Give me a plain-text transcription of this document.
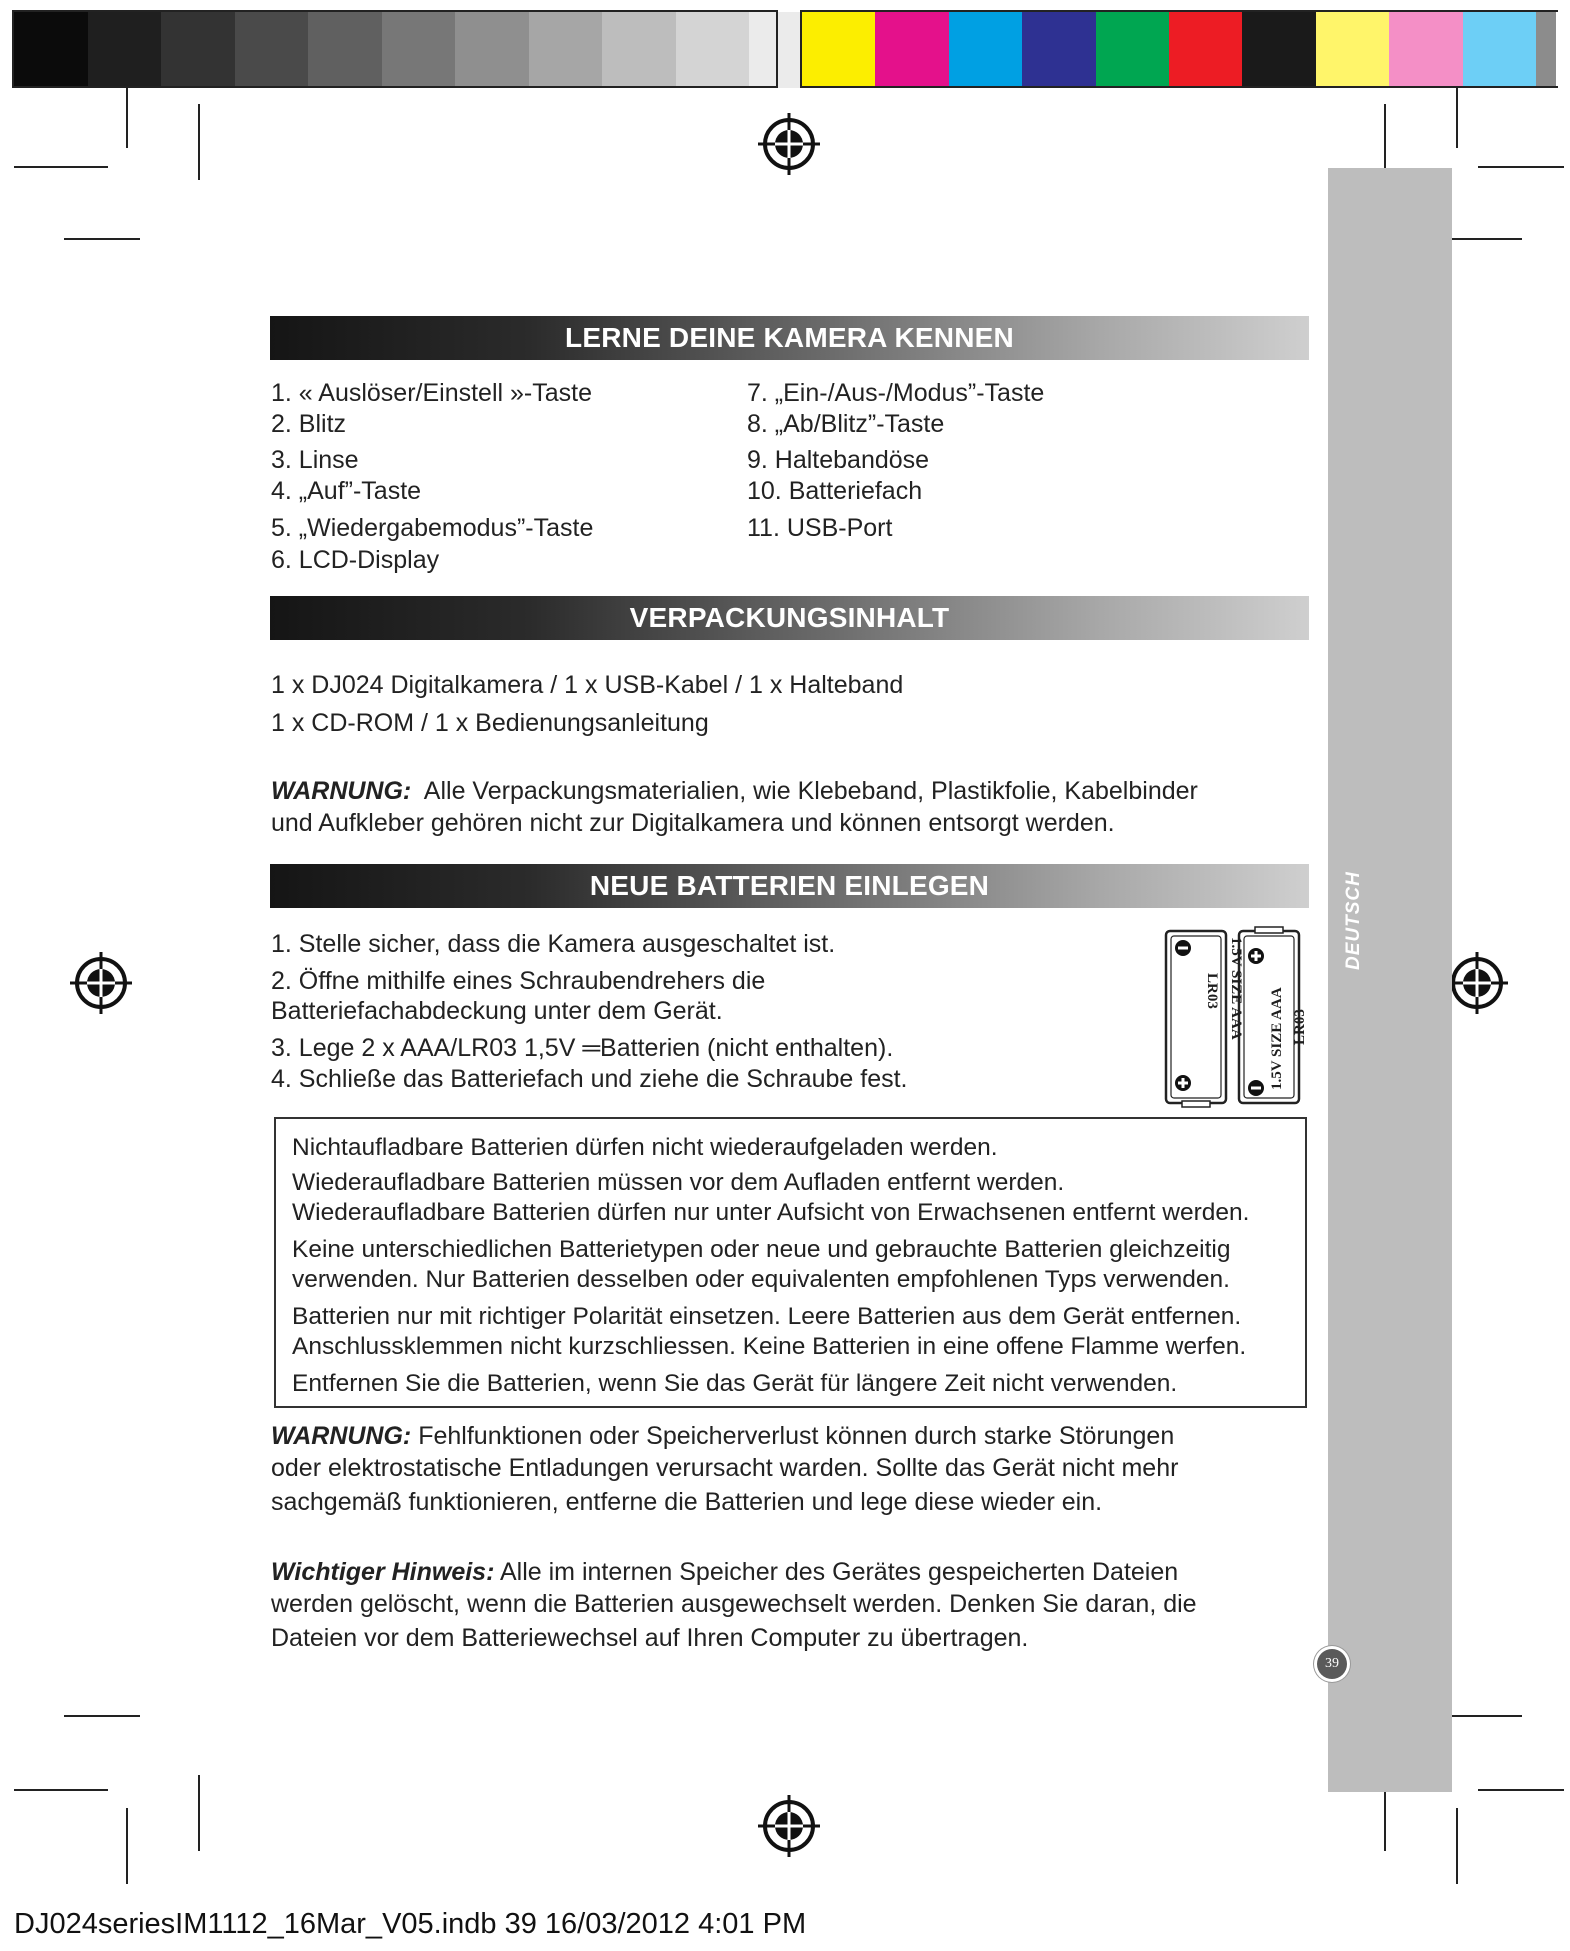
DEUTSCH
39
LERNE DEINE KAMERA KENNEN
1. « Auslöser/Einstell »-Taste
2. Blitz
3. Linse
4. „Auf”-Taste
5. „Wiedergabemodus”-Taste
6. LCD-Display
7. „Ein-/Aus-/Modus”-Taste
8. „Ab/Blitz”-Taste
9. Haltebandöse
10. Batteriefach
11. USB-Port
VERPACKUNGSINHALT
1 x DJ024 Digitalkamera / 1 x USB-Kabel / 1 x Halteband
1 x CD-ROM / 1 x Bedienungsanleitung
WARNUNG: Alle Verpackungsmaterialien, wie Klebeband, Plastikfolie, Kabelbinder
und Aufkleber gehören nicht zur Digitalkamera und können entsorgt werden.
NEUE BATTERIEN EINLEGEN
1. Stelle sicher, dass die Kamera ausgeschaltet ist.
2. Öffne mithilfe eines Schraubendrehers die
Batteriefachabdeckung unter dem Gerät.
3. Lege 2 x AAA/LR03 1,5V ═Batterien (nicht enthalten).
4. Schließe das Batteriefach und ziehe die Schraube fest.
1.5V SIZE AAA
LR03	1.5V SIZE AAA LR03
Nichtaufladbare Batterien dürfen nicht wiederaufgeladen werden.
Wiederaufladbare Batterien müssen vor dem Aufladen entfernt werden.
Wiederaufladbare Batterien dürfen nur unter Aufsicht von Erwachsenen entfernt werden.
Keine unterschiedlichen Batterietypen oder neue und gebrauchte Batterien gleichzeitig
verwenden. Nur Batterien desselben oder equivalenten empfohlenen Typs verwenden.
Batterien nur mit richtiger Polarität einsetzen. Leere Batterien aus dem Gerät entfernen.
Anschlussklemmen nicht kurzschliessen. Keine Batterien in eine offene Flamme werfen.
Entfernen Sie die Batterien, wenn Sie das Gerät für längere Zeit nicht verwenden.
WARNUNG: Fehlfunktionen oder Speicherverlust können durch starke Störungen
oder elektrostatische Entladungen verursacht warden. Sollte das Gerät nicht mehr
sachgemäß funktionieren, entferne die Batterien und lege diese wieder ein.
Wichtiger Hinweis: Alle im internen Speicher des Gerätes gespeicherten Dateien
werden gelöscht, wenn die Batterien ausgewechselt werden. Denken Sie daran, die
Dateien vor dem Batteriewechsel auf Ihren Computer zu übertragen.
DJ024seriesIM1112_16Mar_V05.indb 39 16/03/2012 4:01 PM
